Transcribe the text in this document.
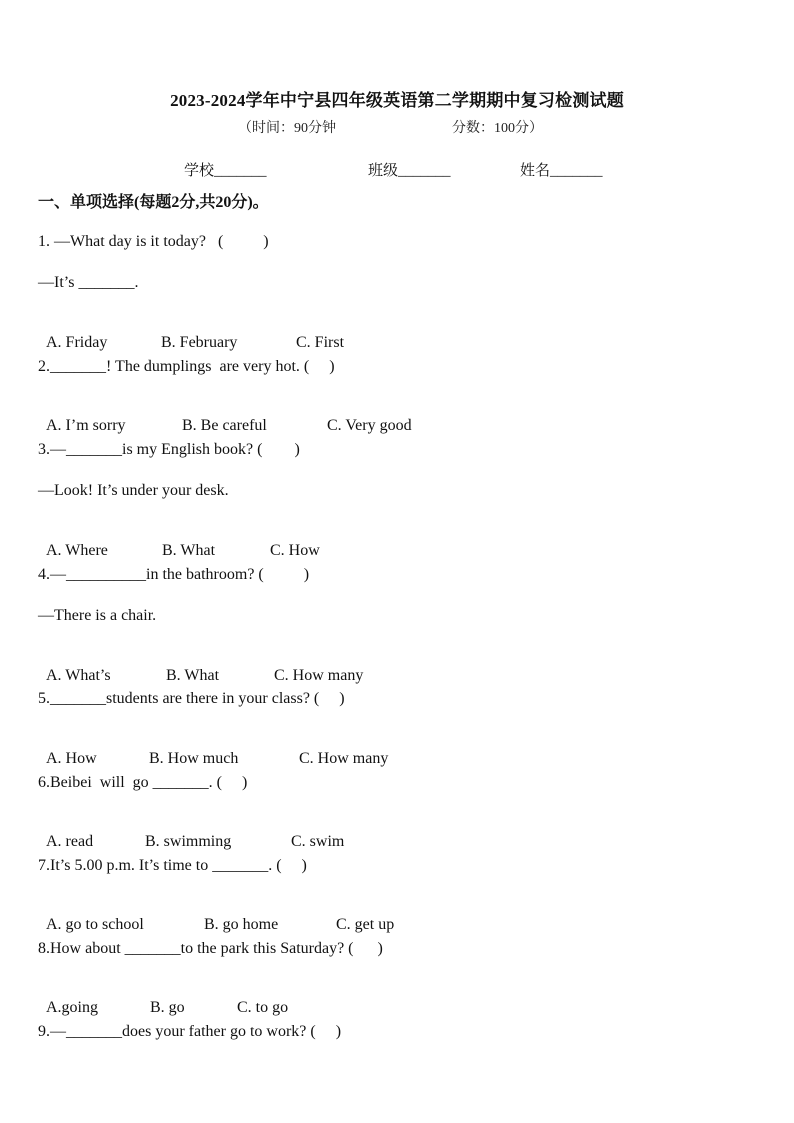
2023-2024学年中宁县四年级英语第二学期期中复习检测试题
（时间：90分钟	分数：100分）
学校_______	班级_______	姓名_______
一、单项选择(每题2分,共20分)。
1. —What day is it today?   (          )
—It’s _______.

A. Friday	B. February	C. First

2._______! The dumplings  are very hot. (     )

A. I’m sorry	B. Be careful	C. Very good

3.—_______is my English book? (        )
—Look! It’s under your desk.

A. Where	B. What	C. How

4.—__________in the bathroom? (          )
—There is a chair.

A. What’s	B. What	C. How many

5._______students are there in your class? (     )

A. How	B. How much	C. How many

6.Beibei  will  go _______. (     )

A. read	B. swimming	C. swim

7.It’s 5.00 p.m. It’s time to _______. (     )

A. go to school	B. go home	C. get up

8.How about _______to the park this Saturday? (      )

A.going	B. go	C. to go

9.—_______does your father go to work? (     )
